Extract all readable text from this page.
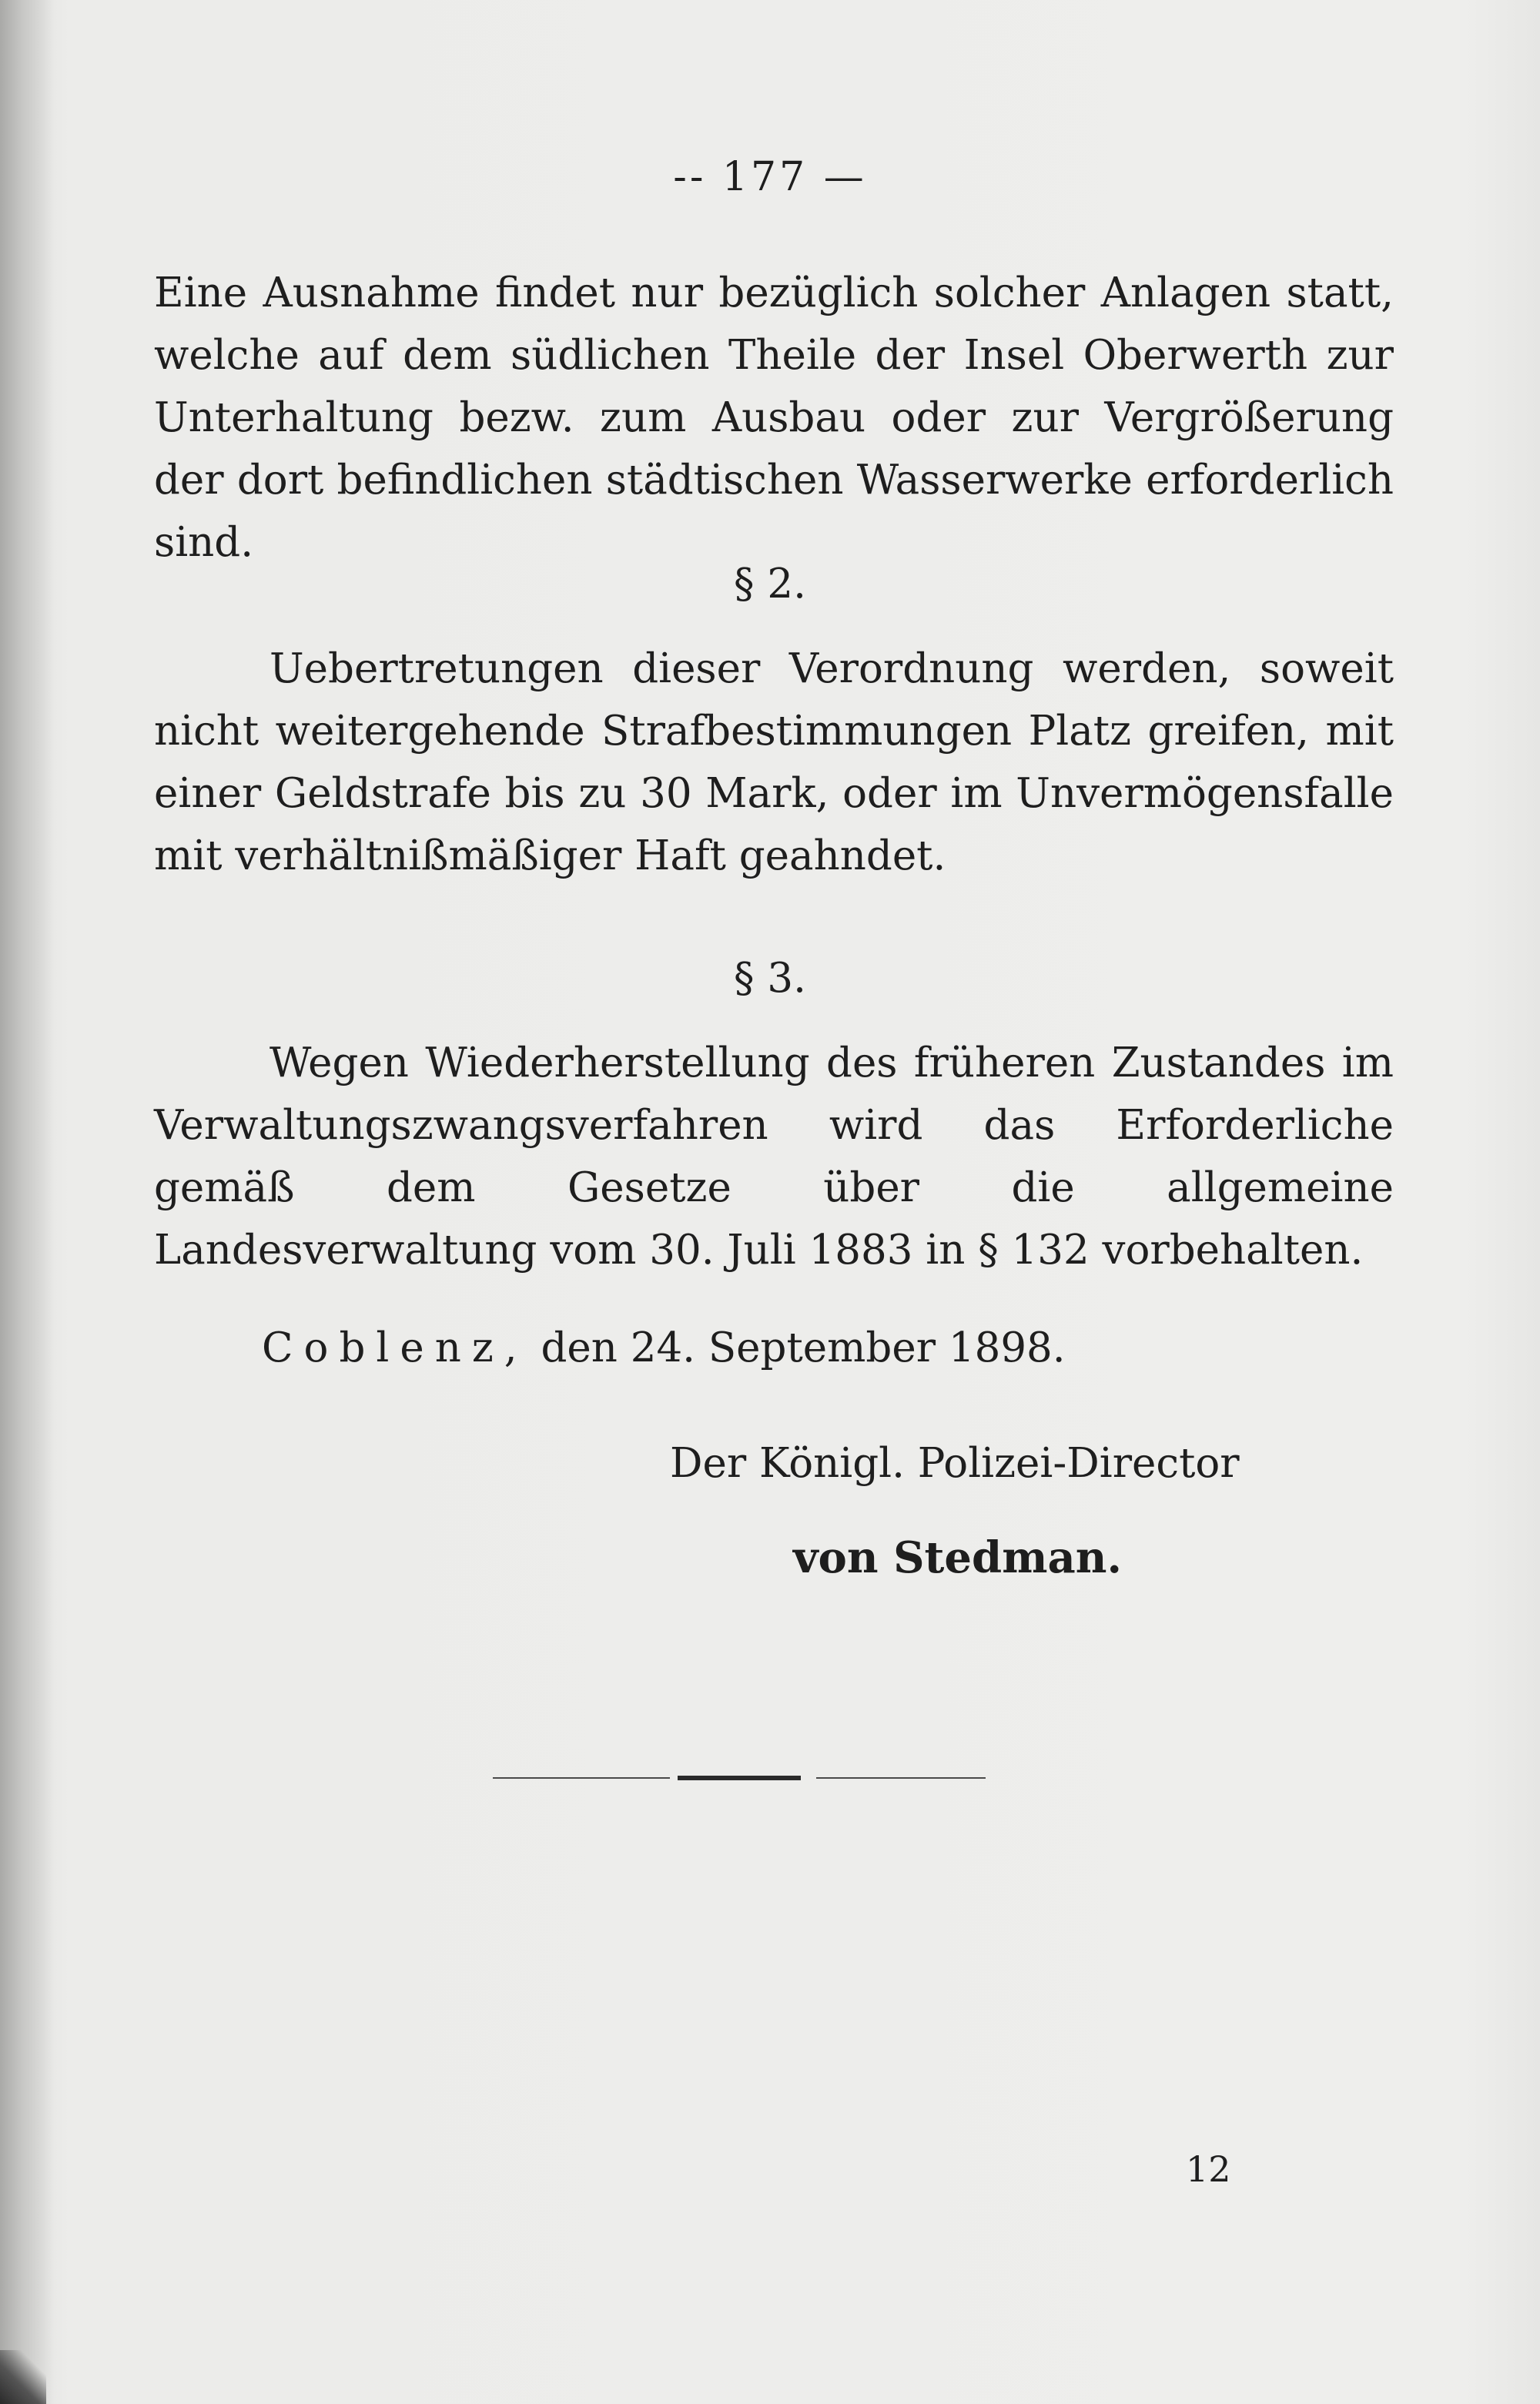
-- 177 —
Eine Ausnahme findet nur bezüglich solcher Anlagen statt, welche auf dem südlichen Theile der Insel Oberwerth zur Unterhaltung bezw. zum Ausbau oder zur Vergrößerung der dort befindlichen städtischen Wasserwerke erforderlich sind.
§ 2.
Uebertretungen dieser Verordnung werden, soweit nicht weitergehende Strafbestimmungen Platz greifen, mit einer Geldstrafe bis zu 30 Mark, oder im Unvermögensfalle mit verhältnißmäßiger Haft geahndet.
§ 3.
Wegen Wiederherstellung des früheren Zustandes im Verwaltungszwangsverfahren wird das Erforderliche gemäß dem Gesetze über die allgemeine Landesverwaltung vom 30. Juli 1883 in § 132 vorbehalten.
Coblenz, den 24. September 1898.
Der Königl. Polizei-Director
von Stedman.
12
